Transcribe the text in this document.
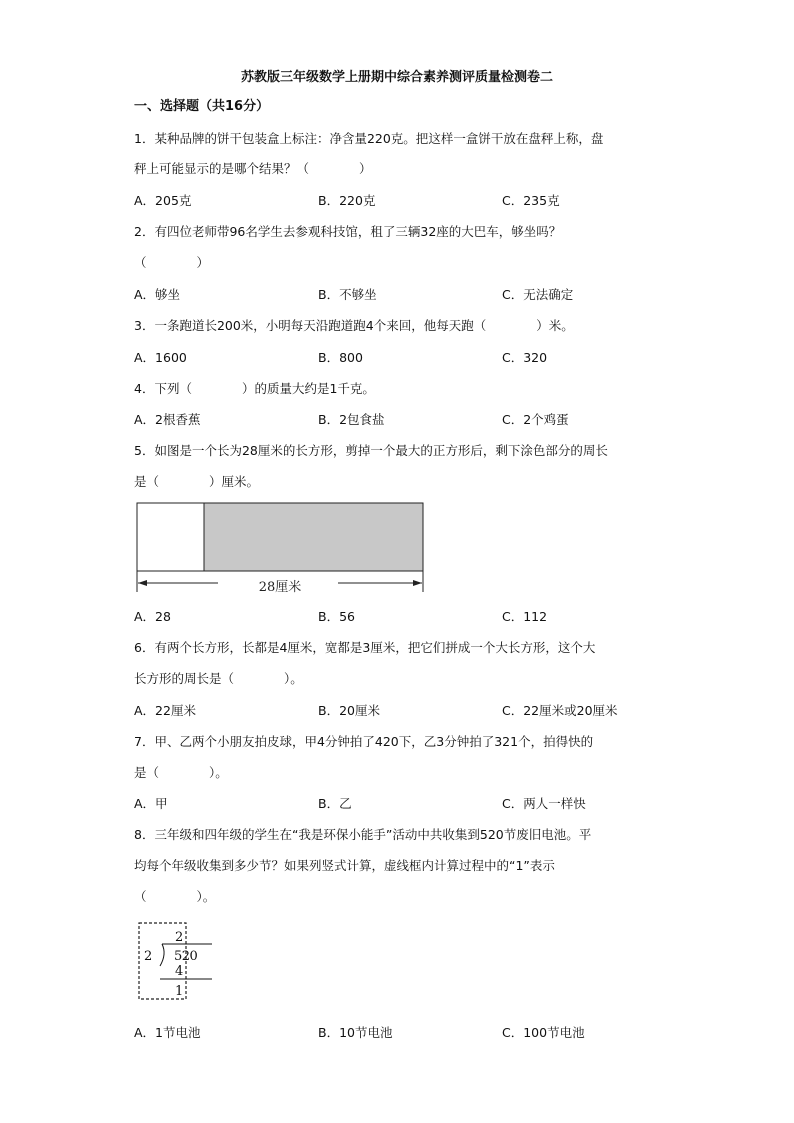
苏教版三年级数学上册期中综合素养测评质量检测卷二
一、选择题（共16分）
1．某种品牌的饼干包装盒上标注：净含量220克。把这样一盒饼干放在盘秤上称，盘
秤上可能显示的是哪个结果？（　　　　）
A．205克	B．220克	C．235克
2．有四位老师带96名学生去参观科技馆，租了三辆32座的大巴车，够坐吗？
（　　　　）
A．够坐	B．不够坐	C．无法确定
3．一条跑道长200米，小明每天沿跑道跑4个来回，他每天跑（　　　　）米。
A．1600	B．800	C．320
4．下列（　　　　）的质量大约是1千克。
A．2根香蕉	B．2包食盐	C．2个鸡蛋
5．如图是一个长为28厘米的长方形，剪掉一个最大的正方形后，剩下涂色部分的周长
是（　　　　）厘米。
28厘米
A．28	B．56	C．112
6．有两个长方形，长都是4厘米，宽都是3厘米，把它们拼成一个大长方形，这个大
长方形的周长是（　　　　）。
A．22厘米	B．20厘米	C．22厘米或20厘米
7．甲、乙两个小朋友拍皮球，甲4分钟拍了420下，乙3分钟拍了321个，拍得快的
是（　　　　）。
A．甲	B．乙	C．两人一样快
8．三年级和四年级的学生在“我是环保小能手”活动中共收集到520节废旧电池。平
均每个年级收集到多少节？如果列竖式计算，虚线框内计算过程中的“1”表示
（　　　　）。
2
2 520
4
1
A．1节电池	B．10节电池	C．100节电池
